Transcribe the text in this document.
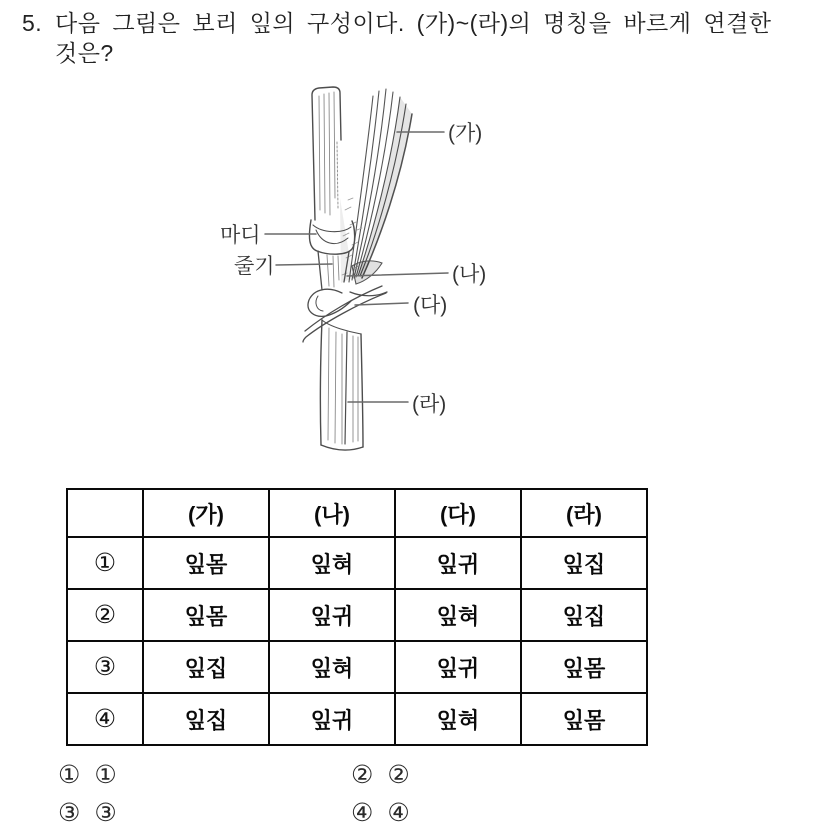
5. 다음 그림은 보리 잎의 구성이다. (가)~(라)의 명칭을 바르게 연결한 것은?
마디
줄기
(가)
(나)
(다)
(라)
	(가)	(나)	(다)	(라)
①	잎몸	잎혀	잎귀	잎집
②	잎몸	잎귀	잎혀	잎집
③	잎집	잎혀	잎귀	잎몸
④	잎집	잎귀	잎혀	잎몸
① ①	② ②
③ ③	④ ④
